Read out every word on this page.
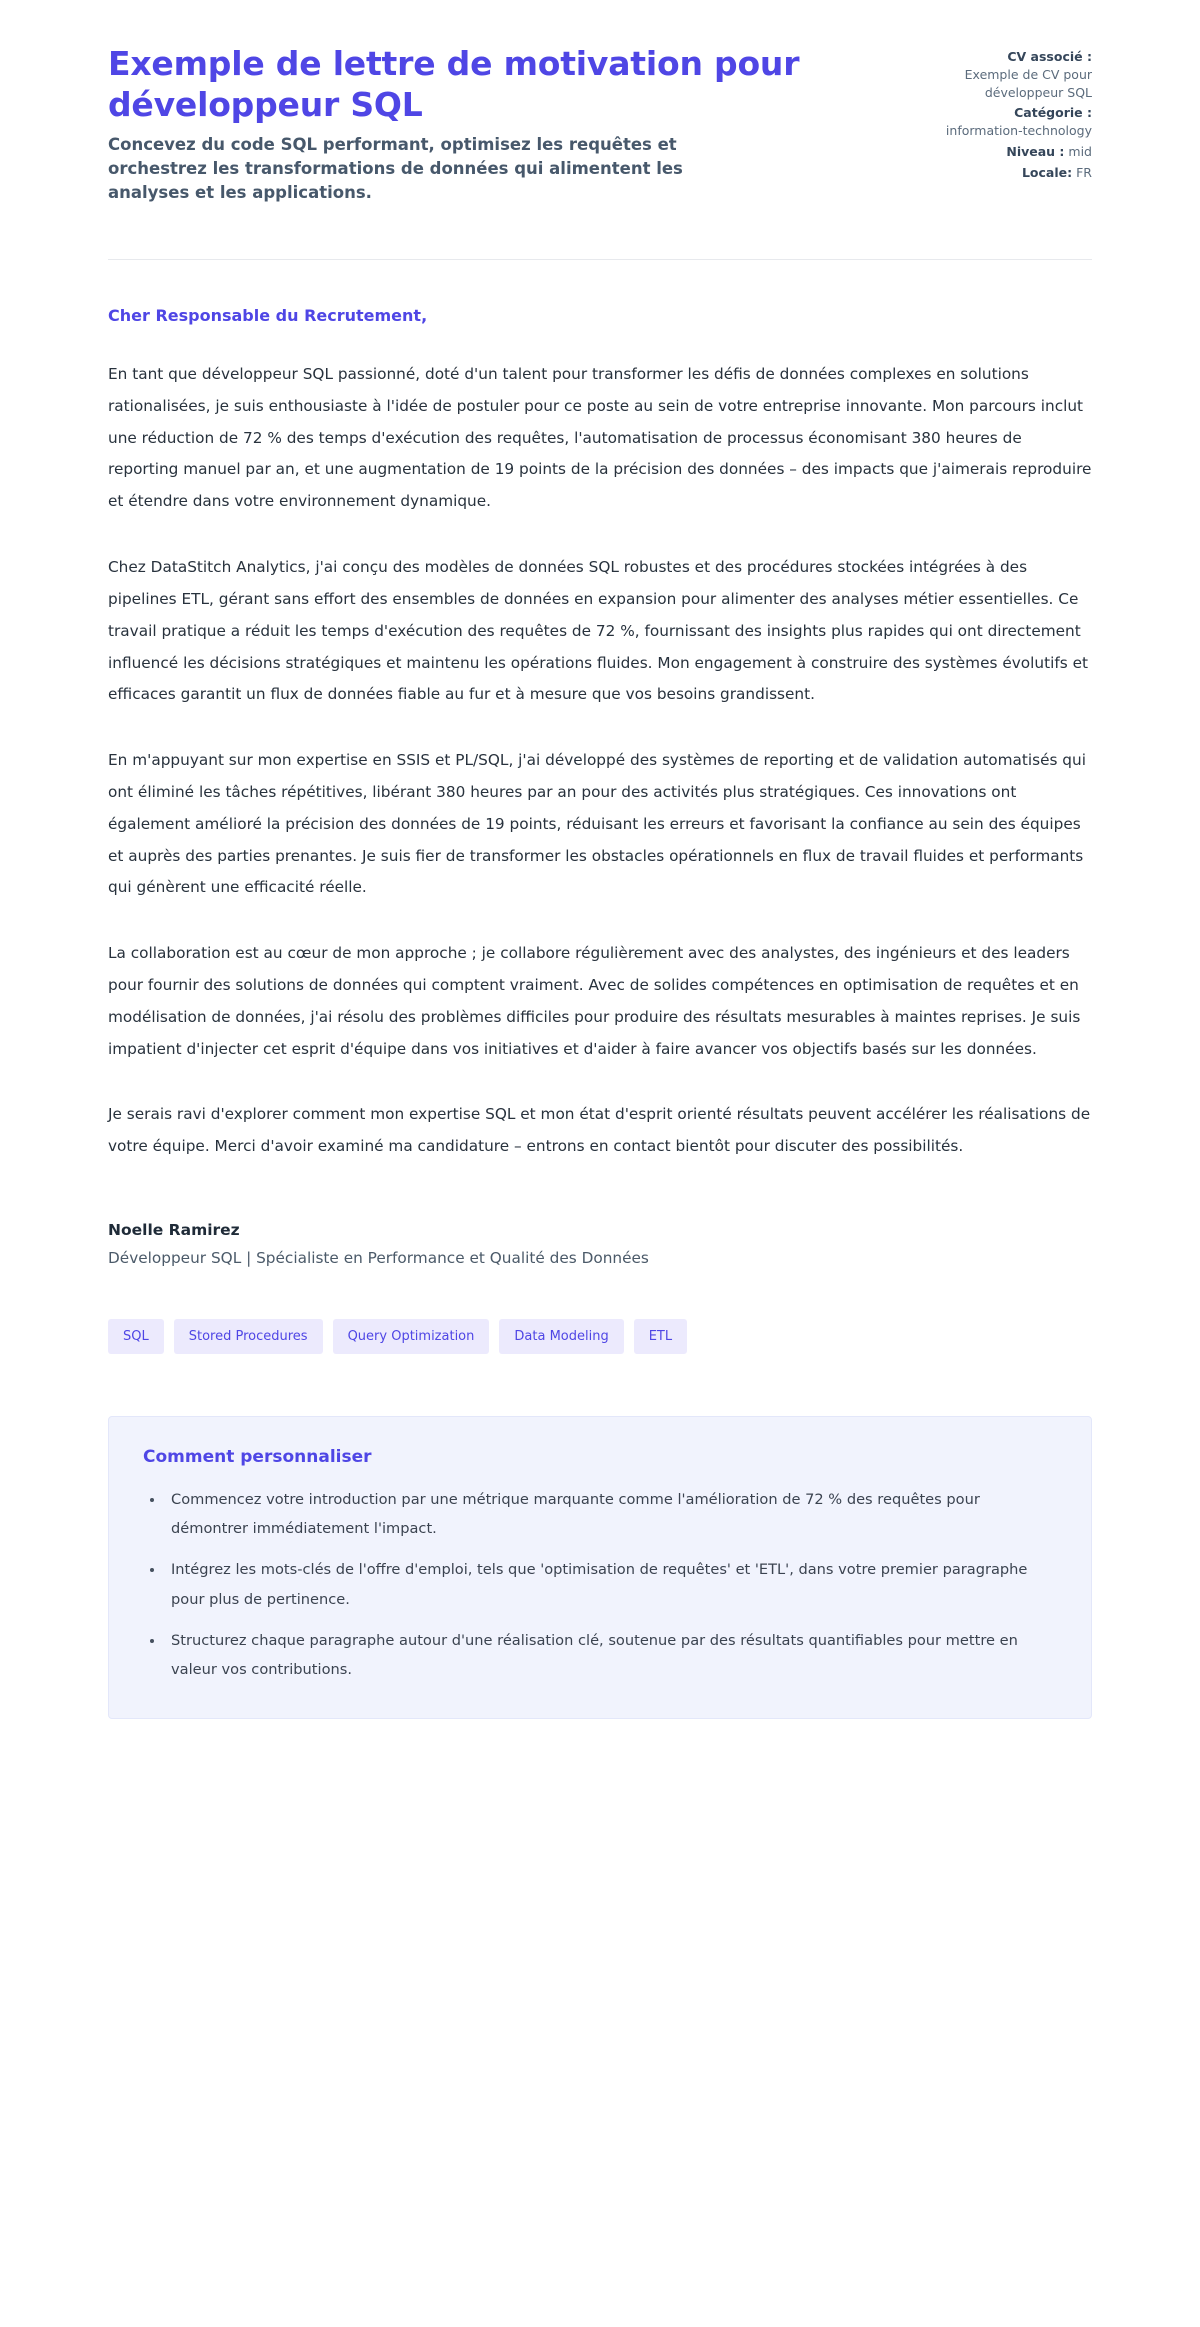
Exemple de lettre de motivation pour développeur SQL

Concevez du code SQL performant, optimisez les requêtes et orchestrez les transformations de données qui alimentent les analyses et les applications.

CV associé :
Exemple de CV pour développeur SQL
Catégorie :
information-technology
Niveau : mid
Locale: FR

Cher Responsable du Recrutement,

En tant que développeur SQL passionné, doté d'un talent pour transformer les défis de données complexes en solutions rationalisées, je suis enthousiaste à l'idée de postuler pour ce poste au sein de votre entreprise innovante. Mon parcours inclut une réduction de 72 % des temps d'exécution des requêtes, l'automatisation de processus économisant 380 heures de reporting manuel par an, et une augmentation de 19 points de la précision des données – des impacts que j'aimerais reproduire et étendre dans votre environnement dynamique.

Chez DataStitch Analytics, j'ai conçu des modèles de données SQL robustes et des procédures stockées intégrées à des pipelines ETL, gérant sans effort des ensembles de données en expansion pour alimenter des analyses métier essentielles. Ce travail pratique a réduit les temps d'exécution des requêtes de 72 %, fournissant des insights plus rapides qui ont directement influencé les décisions stratégiques et maintenu les opérations fluides. Mon engagement à construire des systèmes évolutifs et efficaces garantit un flux de données fiable au fur et à mesure que vos besoins grandissent.

En m'appuyant sur mon expertise en SSIS et PL/SQL, j'ai développé des systèmes de reporting et de validation automatisés qui ont éliminé les tâches répétitives, libérant 380 heures par an pour des activités plus stratégiques. Ces innovations ont également amélioré la précision des données de 19 points, réduisant les erreurs et favorisant la confiance au sein des équipes et auprès des parties prenantes. Je suis fier de transformer les obstacles opérationnels en flux de travail fluides et performants qui génèrent une efficacité réelle.

La collaboration est au cœur de mon approche ; je collabore régulièrement avec des analystes, des ingénieurs et des leaders pour fournir des solutions de données qui comptent vraiment. Avec de solides compétences en optimisation de requêtes et en modélisation de données, j'ai résolu des problèmes difficiles pour produire des résultats mesurables à maintes reprises. Je suis impatient d'injecter cet esprit d'équipe dans vos initiatives et d'aider à faire avancer vos objectifs basés sur les données.

Je serais ravi d'explorer comment mon expertise SQL et mon état d'esprit orienté résultats peuvent accélérer les réalisations de votre équipe. Merci d'avoir examiné ma candidature – entrons en contact bientôt pour discuter des possibilités.

Noelle Ramirez

Développeur SQL | Spécialiste en Performance et Qualité des Données

SQL	Stored Procedures	Query Optimization	Data Modeling	ETL

Comment personnaliser

• Commencez votre introduction par une métrique marquante comme l'amélioration de 72 % des requêtes pour démontrer immédiatement l'impact.
• Intégrez les mots-clés de l'offre d'emploi, tels que 'optimisation de requêtes' et 'ETL', dans votre premier paragraphe pour plus de pertinence.
• Structurez chaque paragraphe autour d'une réalisation clé, soutenue par des résultats quantifiables pour mettre en valeur vos contributions.
